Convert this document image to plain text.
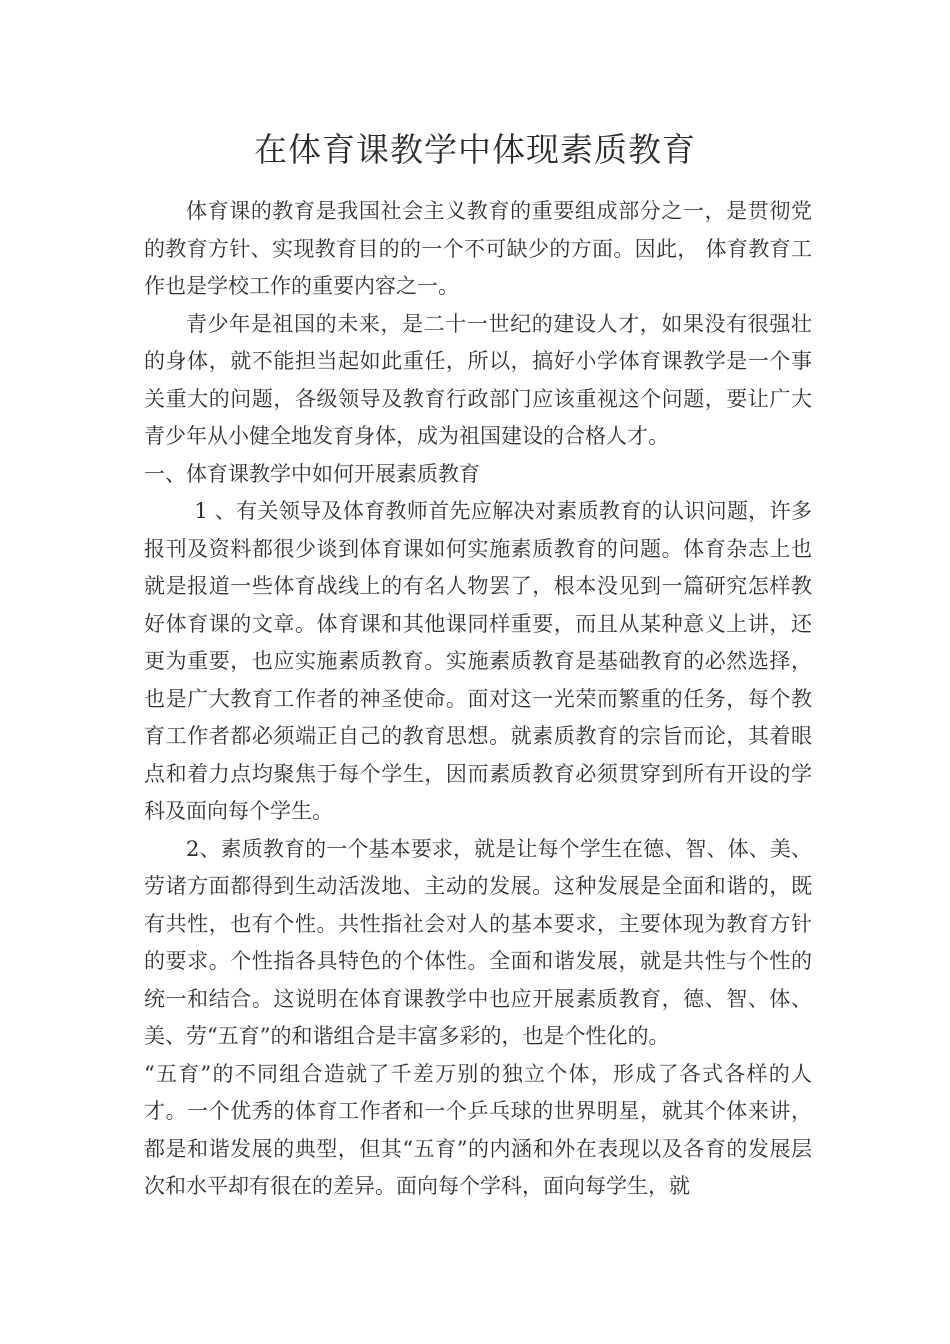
在体育课教学中体现素质教育

体育课的教育是我国社会主义教育的重要组成部分之一，是贯彻党的教育方针、实现教育目的的一个不可缺少的方面。因此， 体育教育工作也是学校工作的重要内容之一。

青少年是祖国的未来，是二十一世纪的建设人才，如果没有很强壮的身体，就不能担当起如此重任，所以，搞好小学体育课教学是一个事关重大的问题，各级领导及教育行政部门应该重视这个问题，要让广大青少年从小健全地发育身体，成为祖国建设的合格人才。

一、体育课教学中如何开展素质教育

1 、有关领导及体育教师首先应解决对素质教育的认识问题，许多报刊及资料都很少谈到体育课如何实施素质教育的问题。体育杂志上也就是报道一些体育战线上的有名人物罢了，根本没见到一篇研究怎样教好体育课的文章。体育课和其他课同样重要，而且从某种意义上讲，还更为重要，也应实施素质教育。实施素质教育是基础教育的必然选择，也是广大教育工作者的神圣使命。面对这一光荣而繁重的任务，每个教育工作者都必须端正自己的教育思想。就素质教育的宗旨而论，其着眼点和着力点均聚焦于每个学生，因而素质教育必须贯穿到所有开设的学科及面向每个学生。

2、素质教育的一个基本要求，就是让每个学生在德、智、体、美、劳诸方面都得到生动活泼地、主动的发展。这种发展是全面和谐的，既有共性，也有个性。共性指社会对人的基本要求，主要体现为教育方针的要求。个性指各具特色的个体性。全面和谐发展，就是共性与个性的统一和结合。这说明在体育课教学中也应开展素质教育，德、智、体、美、劳“五育”的和谐组合是丰富多彩的，也是个性化的。

“五育”的不同组合造就了千差万别的独立个体，形成了各式各样的人才。一个优秀的体育工作者和一个乒乓球的世界明星，就其个体来讲，都是和谐发展的典型，但其“五育”的内涵和外在表现以及各育的发展层次和水平却有很在的差异。面向每个学科，面向每学生，就
